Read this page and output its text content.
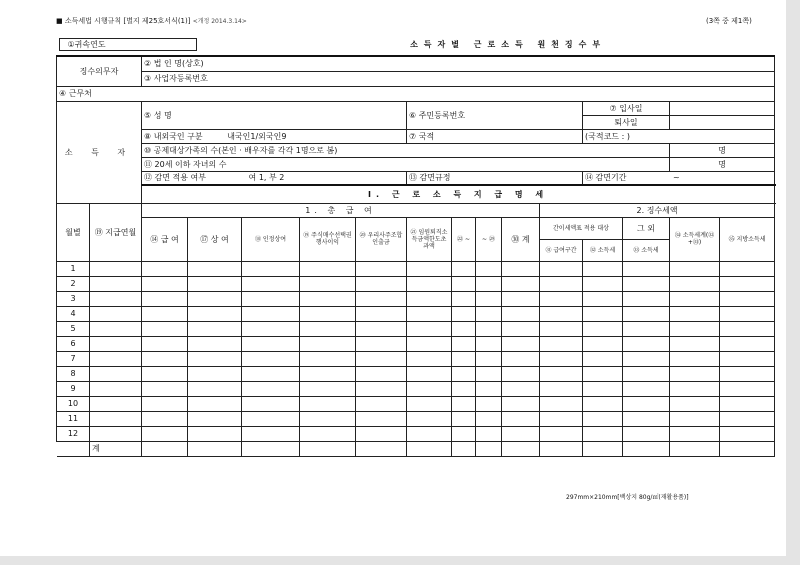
■ 소득세법 시행규칙 [별지 제25호서식(1)] <개정 2014.3.14>	(3쪽 중 제1쪽)
①귀속연도				소득자별 근로소득 원천징수부											
징수의무자		② 법 인 명(상호)													
		③ 사업자등록번호													
④ 근무처															
소 득 자		⑤ 성 명					⑥ 주민등록번호					⑦ 입사일			
												퇴사일			
		⑧ 내외국인 구분 내국인1/외국인9					⑦ 국적					(국적코드 : )			
		⑩ 공제대상가족의 수(본인 · 배우자를 각각 1명으로 봄)												명	
		⑪ 20세 이하 자녀의 수												명	
		⑫ 감면 적용 여부 여 1, 부 2					⑬ 감면규정					⑭ 감면기간 ~			
		Ⅰ. 근 로 소 득 지 급 명 세													
월별	⑲ 지급연월	1. 총 급 여									2. 징수세액				
		⑭ 급 여	⑰ 상 여	⑱ 인정상여	⑲ 주식매수선택권행사이익	⑳ 우리사주조합인출금	㉑ 임원퇴직소득금액한도초과액	㉒ ~	~ ㉙	㉚ 계	간이세액표 적용 대상		그 외	㉞ 소득세계(㉜+㉝)	㉟ 지방소득세
											㉛ 급여구간	㉜ 소득세	㉝ 소득세		
1															
2															
3															
4															
5															
6															
7															
8															
9															
10															
11															
12															
	계														
297mm×210mm[백상지 80g/㎡(재활용품)]
